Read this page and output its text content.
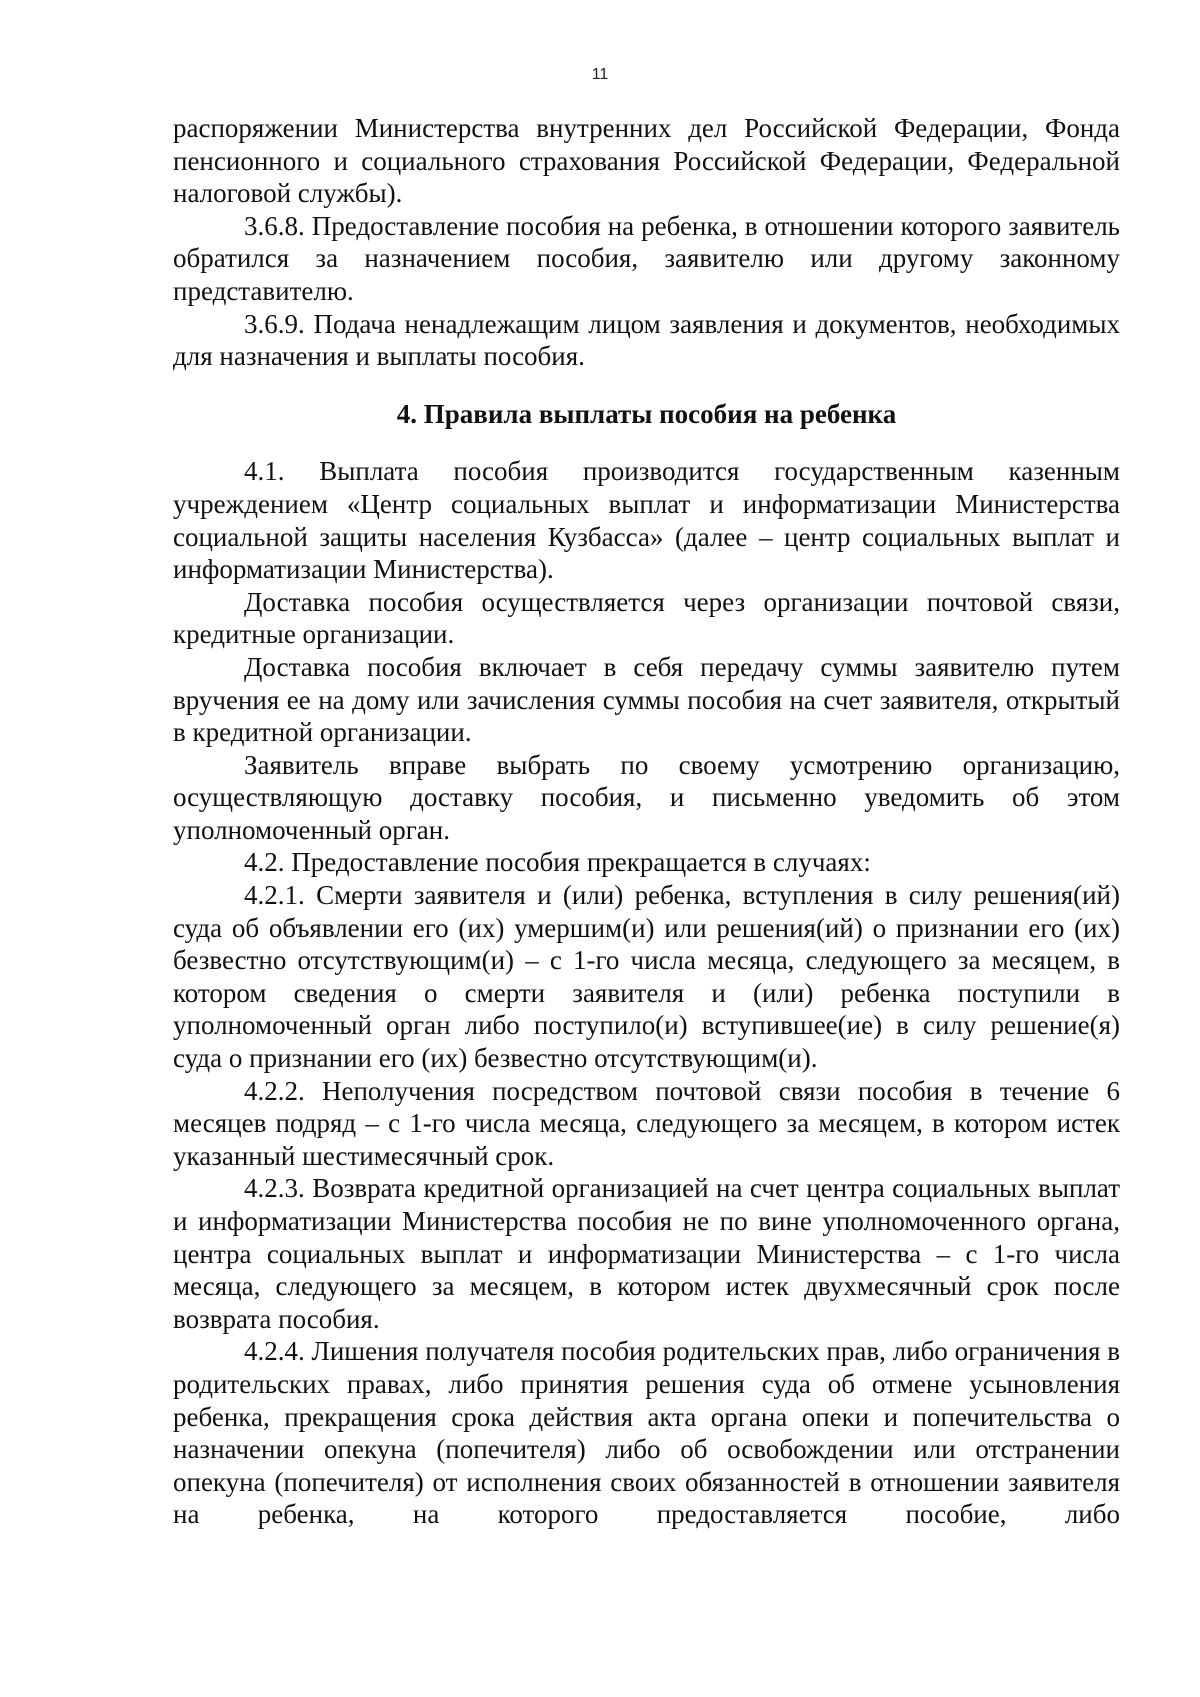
11

распоряжении Министерства внутренних дел Российской Федерации, Фонда пенсионного и социального страхования Российской Федерации, Федеральной налоговой службы).

3.6.8. Предоставление пособия на ребенка, в отношении которого заявитель обратился за назначением пособия, заявителю или другому законному представителю.

3.6.9. Подача ненадлежащим лицом заявления и документов, необходимых для назначения и выплаты пособия.

4. Правила выплаты пособия на ребенка

4.1. Выплата пособия производится государственным казенным учреждением «Центр социальных выплат и информатизации Министерства социальной защиты населения Кузбасса» (далее – центр социальных выплат и информатизации Министерства).

Доставка пособия осуществляется через организации почтовой связи, кредитные организации.

Доставка пособия включает в себя передачу суммы заявителю путем вручения ее на дому или зачисления суммы пособия на счет заявителя, открытый в кредитной организации.

Заявитель вправе выбрать по своему усмотрению организацию, осуществляющую доставку пособия, и письменно уведомить об этом уполномоченный орган.

4.2. Предоставление пособия прекращается в случаях:

4.2.1. Смерти заявителя и (или) ребенка, вступления в силу решения(ий) суда об объявлении его (их) умершим(и) или решения(ий) о признании его (их) безвестно отсутствующим(и) – с 1-го числа месяца, следующего за месяцем, в котором сведения о смерти заявителя и (или) ребенка поступили в уполномоченный орган либо поступило(и) вступившее(ие) в силу решение(я) суда о признании его (их) безвестно отсутствующим(и).

4.2.2. Неполучения посредством почтовой связи пособия в течение 6 месяцев подряд – с 1-го числа месяца, следующего за месяцем, в котором истек указанный шестимесячный срок.

4.2.3. Возврата кредитной организацией на счет центра социальных выплат и информатизации Министерства пособия не по вине уполномоченного органа, центра социальных выплат и информатизации Министерства – с 1-го числа месяца, следующего за месяцем, в котором истек двухмесячный срок после возврата пособия.

4.2.4. Лишения получателя пособия родительских прав, либо ограничения в родительских правах, либо принятия решения суда об отмене усыновления ребенка, прекращения срока действия акта органа опеки и попечительства о назначении опекуна (попечителя) либо об освобождении или отстранении опекуна (попечителя) от исполнения своих обязанностей в отношении заявителя на ребенка, на которого предоставляется пособие, либо
